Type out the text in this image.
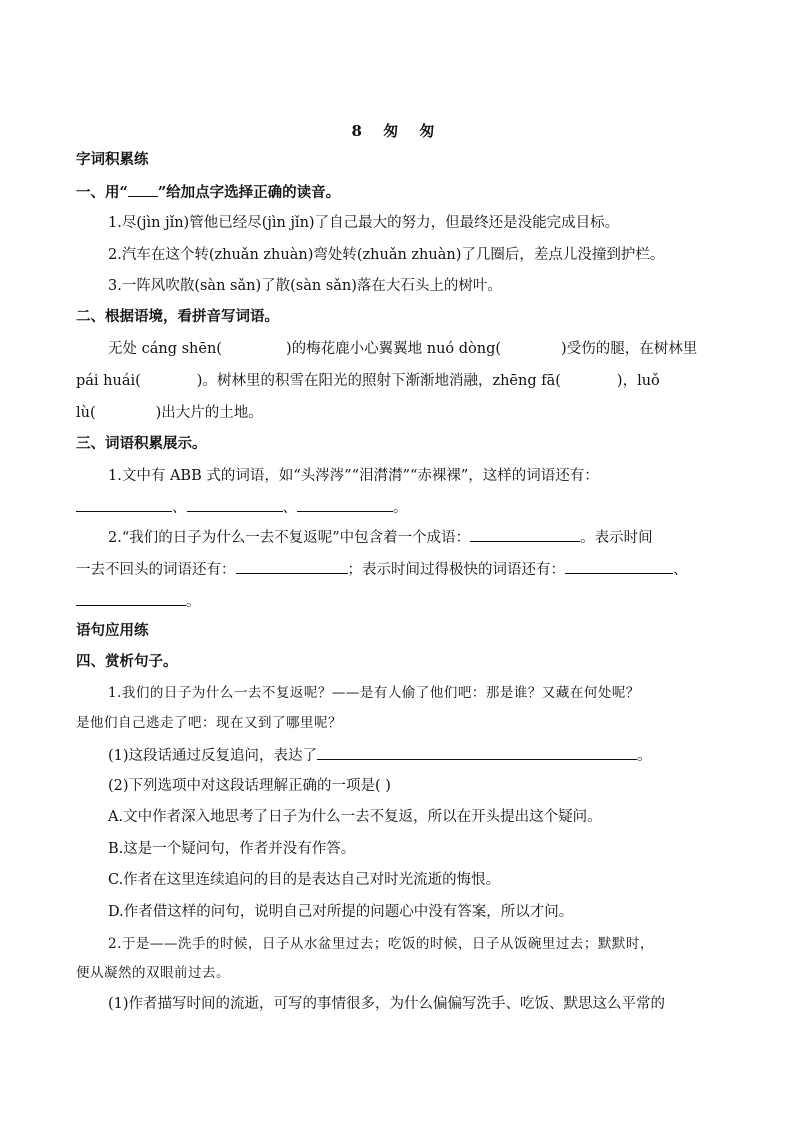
8 匆 匆
字词积累练
一、用“ ”给加点字选择正确的读音。
1.尽(jìn jǐn)管他已经尽(jìn jǐn)了自己最大的努力，但最终还是没能完成目标。
2.汽车在这个转(zhuǎn zhuàn)弯处转(zhuǎn zhuàn)了几圈后，差点儿没撞到护栏。
3.一阵风吹散(sàn sǎn)了散(sàn sǎn)落在大石头上的树叶。
二、根据语境，看拼音写词语。
无处 cáng shēn(	)的梅花鹿小心翼翼地 nuó dòng(	)受伤的腿，在树林里
pái huái(	)。树林里的积雪在阳光的照射下渐渐地消融，zhēng fā(	)，luǒ
lù(	)出大片的土地。
三、词语积累展示。
1.文中有 ABB 式的词语，如“头涔涔”“泪潸潸”“赤裸裸”，这样的词语还有：
、	、	。
2.“我们的日子为什么一去不复返呢”中包含着一个成语：	。表示时间
一去不回头的词语还有：	；表示时间过得极快的词语还有：	、
。
语句应用练
四、赏析句子。
1.我们的日子为什么一去不复返呢？——是有人偷了他们吧：那是谁？又藏在何处呢？
是他们自己逃走了吧：现在又到了哪里呢？
(1)这段话通过反复追问，表达了	。
(2)下列选项中对这段话理解正确的一项是( )
A.文中作者深入地思考了日子为什么一去不复返，所以在开头提出这个疑问。
B.这是一个疑问句，作者并没有作答。
C.作者在这里连续追问的目的是表达自己对时光流逝的悔恨。
D.作者借这样的问句，说明自己对所提的问题心中没有答案，所以才问。
2.于是——洗手的时候，日子从水盆里过去；吃饭的时候，日子从饭碗里过去；默默时，
便从凝然的双眼前过去。
(1)作者描写时间的流逝，可写的事情很多，为什么偏偏写洗手、吃饭、默思这么平常的
